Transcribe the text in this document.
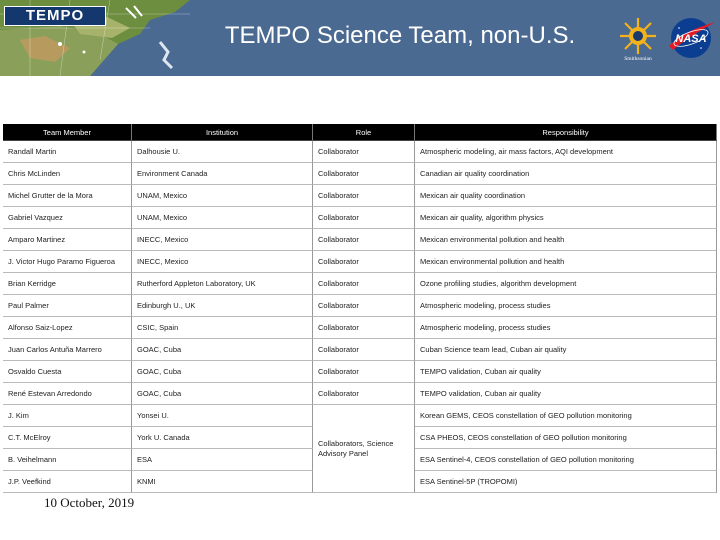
TEMPO
TEMPO Science Team, non-U.S.
Smithsonian
NASA
Team Member	Institution	Role	Responsibility
Randall Martin	Dalhousie U.	Collaborator	Atmospheric modeling, air mass factors, AQI development
Chris McLinden	Environment Canada	Collaborator	Canadian air quality coordination
Michel Grutter de la Mora	UNAM, Mexico	Collaborator	Mexican air quality coordination
Gabriel Vazquez	UNAM, Mexico	Collaborator	Mexican air quality, algorithm physics
Amparo Martinez	INECC, Mexico	Collaborator	Mexican environmental pollution and health
J. Victor Hugo Paramo Figueroa	INECC, Mexico	Collaborator	Mexican environmental pollution and health
Brian Kerridge	Rutherford Appleton Laboratory, UK	Collaborator	Ozone profiling studies, algorithm development
Paul Palmer	Edinburgh U., UK	Collaborator	Atmospheric modeling, process studies
Alfonso Saiz-Lopez	CSIC, Spain	Collaborator	Atmospheric modeling, process studies
Juan Carlos Antuña Marrero	GOAC, Cuba	Collaborator	Cuban Science team lead, Cuban air quality
Osvaldo Cuesta	GOAC, Cuba	Collaborator	TEMPO validation, Cuban air quality
René Estevan Arredondo	GOAC, Cuba	Collaborator	TEMPO validation, Cuban air quality
J. Kim	Yonsei U.	Collaborators, Science Advisory Panel	Korean GEMS, CEOS constellation of GEO pollution monitoring
C.T. McElroy	York U. Canada		CSA PHEOS, CEOS constellation of GEO pollution monitoring
B. Veihelmann	ESA		ESA Sentinel-4, CEOS constellation of GEO pollution monitoring
J.P. Veefkind	KNMI		ESA Sentinel-5P (TROPOMI)
10 October, 2019
